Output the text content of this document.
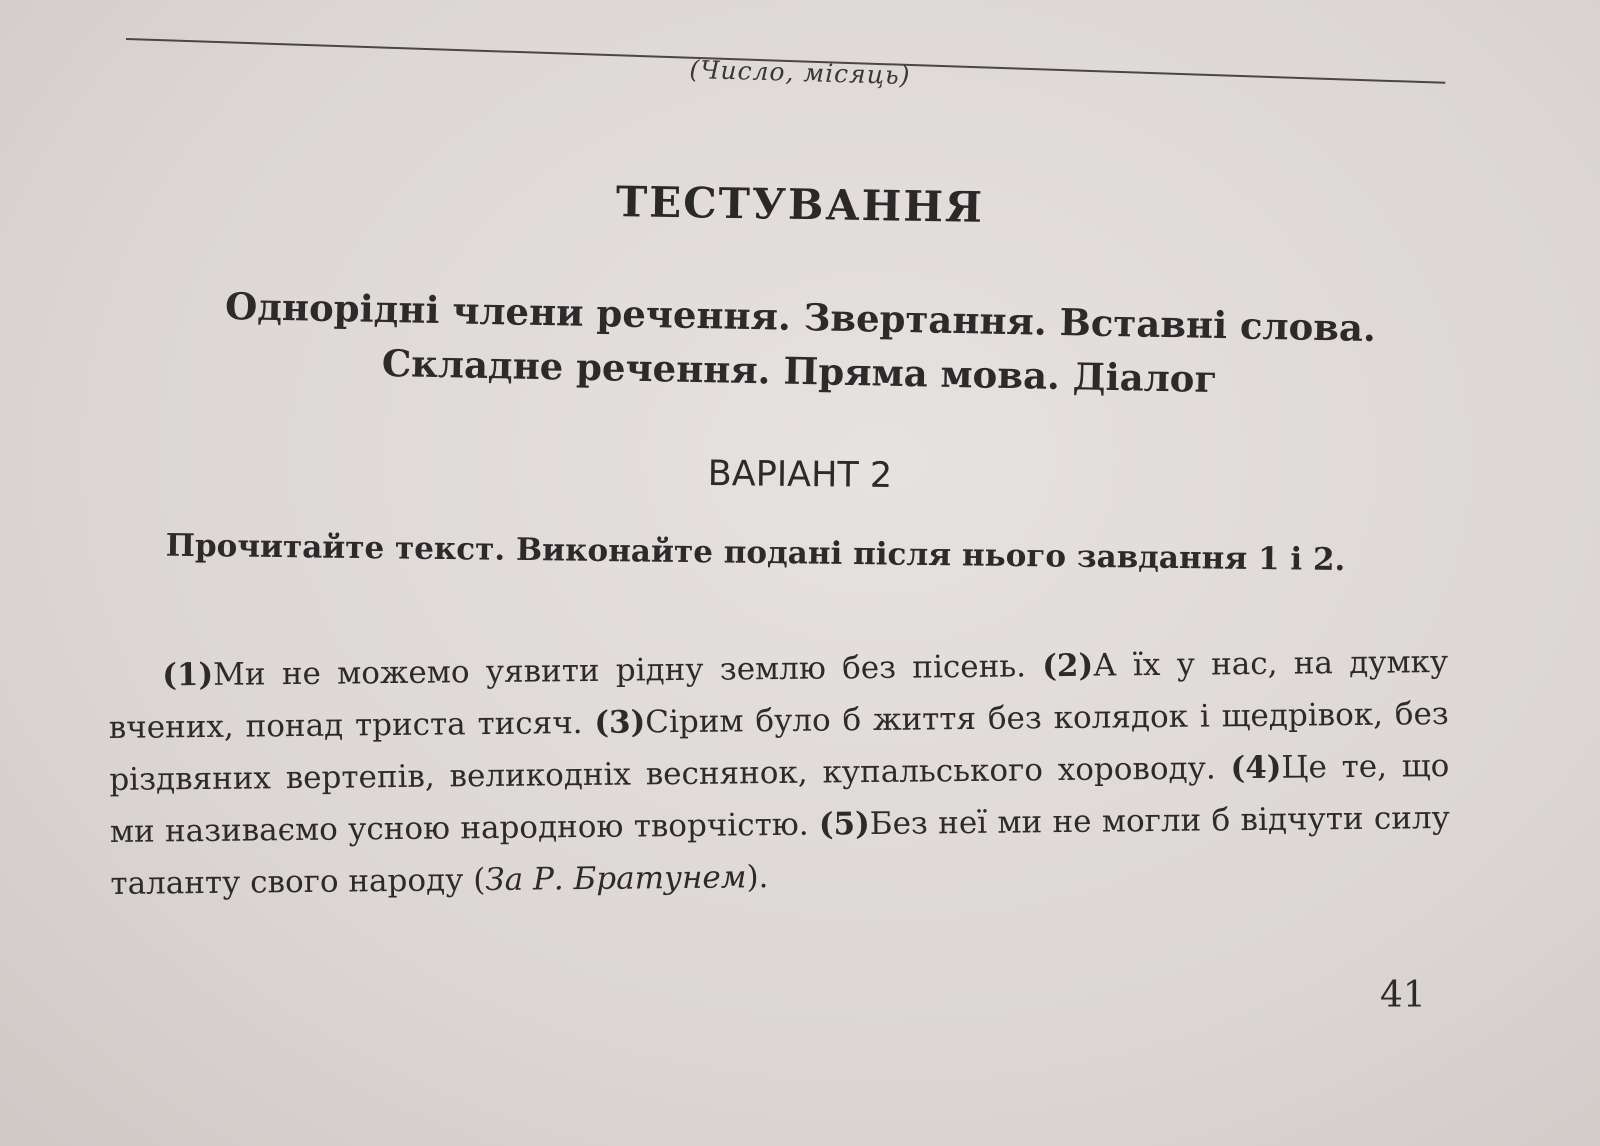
(Число, місяць)
ТЕСТУВАННЯ
Однорідні члени речення. Звертання. Вставні слова.
Складне речення. Пряма мова. Діалог
ВАРІАНТ 2
Прочитайте текст. Виконайте подані після нього завдання 1 і 2.
(1)Ми не можемо уявити рідну землю без пісень. (2)А їх у нас, на думку вчених, понад триста тисяч. (3)Сірим було б життя без колядок і щедрівок, без різдвяних вертепів, великодніх веснянок, купальського хороводу. (4)Це те, що ми називаємо усною народною творчістю. (5)Без неї ми не могли б відчути силу таланту свого народу (За Р. Братунем).
41
